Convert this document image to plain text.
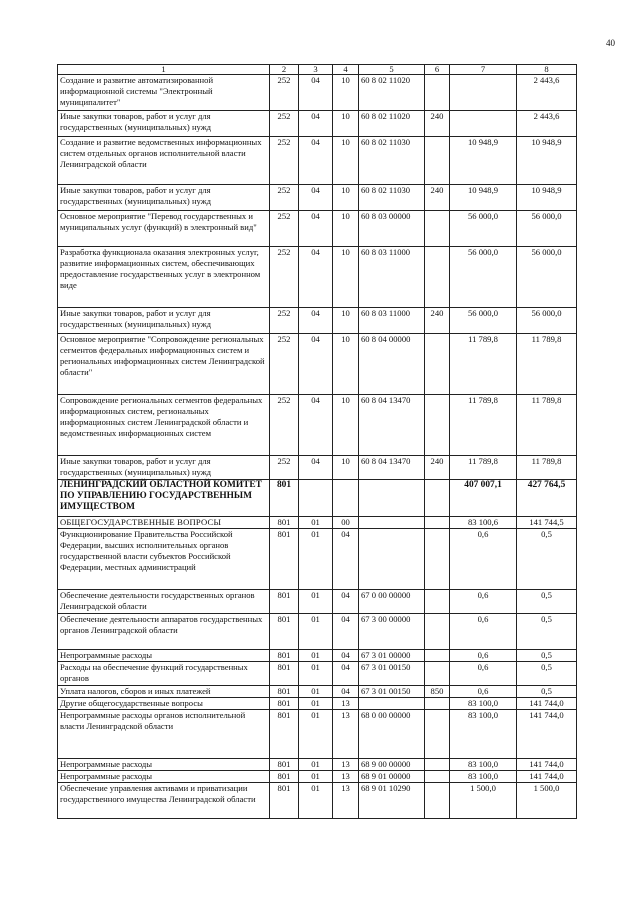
40
1	2	3	4	5	6	7	8
Создание и развитие автоматизированной информационной системы "Электронный муниципалитет"	252	04	10	60 8 02 11020			2 443,6
Иные закупки товаров, работ и услуг для государственных (муниципальных) нужд	252	04	10	60 8 02 11020	240		2 443,6
Создание и развитие ведомственных информационных систем отдельных органов исполнительной власти Ленинградской области	252	04	10	60 8 02 11030		10 948,9	10 948,9
Иные закупки товаров, работ и услуг для государственных (муниципальных) нужд	252	04	10	60 8 02 11030	240	10 948,9	10 948,9
Основное мероприятие "Перевод государственных и муниципальных услуг (функций) в электронный вид"	252	04	10	60 8 03 00000		56 000,0	56 000,0
Разработка функционала оказания электронных услуг, развитие информационных систем, обеспечивающих предоставление государственных услуг в электронном виде	252	04	10	60 8 03 11000		56 000,0	56 000,0
Иные закупки товаров, работ и услуг для государственных (муниципальных) нужд	252	04	10	60 8 03 11000	240	56 000,0	56 000,0
Основное мероприятие "Сопровождение региональных сегментов федеральных информационных систем и региональных информационных систем Ленинградской области"	252	04	10	60 8 04 00000		11 789,8	11 789,8
Сопровождение региональных сегментов федеральных информационных систем, региональных информационных систем Ленинградской области и ведомственных информационных систем	252	04	10	60 8 04 13470		11 789,8	11 789,8
Иные закупки товаров, работ и услуг для государственных (муниципальных) нужд	252	04	10	60 8 04 13470	240	11 789,8	11 789,8
ЛЕНИНГРАДСКИЙ ОБЛАСТНОЙ КОМИТЕТ ПО УПРАВЛЕНИЮ ГОСУДАРСТВЕННЫМ ИМУЩЕСТВОМ	801					407 007,1	427 764,5
ОБЩЕГОСУДАРСТВЕННЫЕ ВОПРОСЫ	801	01	00			83 100,6	141 744,5
Функционирование Правительства Российской Федерации, высших исполнительных органов государственной власти субъектов Российской Федерации, местных администраций	801	01	04			0,6	0,5
Обеспечение деятельности государственных органов Ленинградской области	801	01	04	67 0 00 00000		0,6	0,5
Обеспечение деятельности аппаратов государственных органов Ленинградской области	801	01	04	67 3 00 00000		0,6	0,5
Непрограммные расходы	801	01	04	67 3 01 00000		0,6	0,5
Расходы на обеспечение функций государственных органов	801	01	04	67 3 01 00150		0,6	0,5
Уплата налогов, сборов и иных платежей	801	01	04	67 3 01 00150	850	0,6	0,5
Другие общегосударственные вопросы	801	01	13			83 100,0	141 744,0
Непрограммные расходы органов исполнительной власти Ленинградской области	801	01	13	68 0 00 00000		83 100,0	141 744,0
Непрограммные расходы	801	01	13	68 9 00 00000		83 100,0	141 744,0
Непрограммные расходы	801	01	13	68 9 01 00000		83 100,0	141 744,0
Обеспечение управления активами и приватизации государственного имущества Ленинградской области	801	01	13	68 9 01 10290		1 500,0	1 500,0
